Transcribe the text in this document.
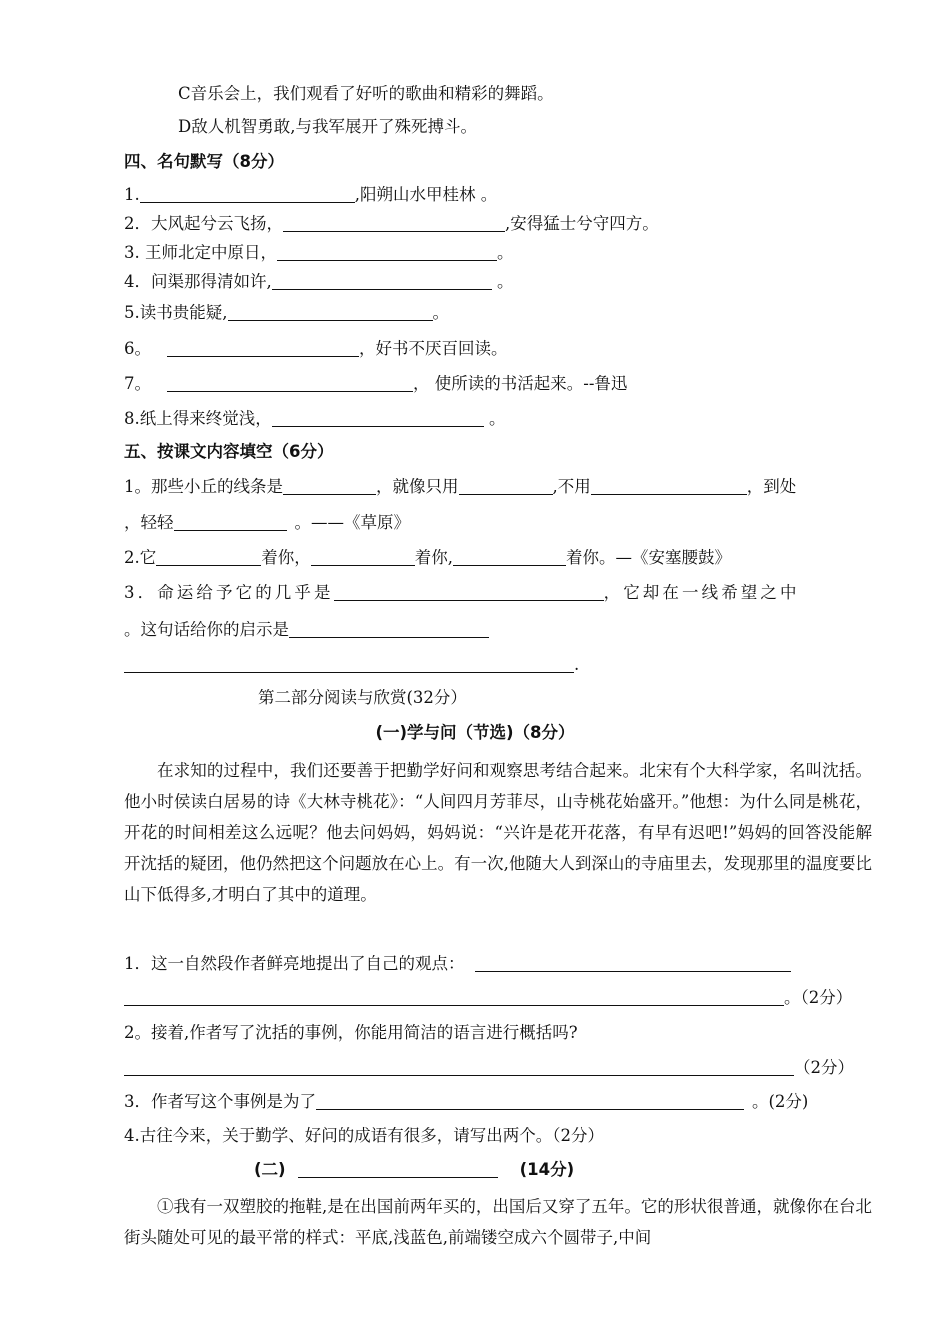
C音乐会上，我们观看了好听的歌曲和精彩的舞蹈。
D敌人机智勇敢,与我军展开了殊死搏斗。
四、名句默写（8分）
1.	,阳朔山水甲桂林 。
2．大风起兮云飞扬，	,安得猛士兮守四方。
3. 王师北定中原日，	。
4．问渠那得清如许,	。
5.读书贵能疑,	。
6。	，好书不厌百回读。
7。	， 使所读的书活起来。--鲁迅
8.纸上得来终觉浅，	。
五、按课文内容填空（6分）
1。那些小丘的线条是	，就像只用	,不用	，到处
，轻轻	。——《草原》
2.它	着你，	着你,	着你。—《安塞腰鼓》
3．命运给予它的几乎是	，它却在一线希望之中
。这句话给你的启示是
.
第二部分阅读与欣赏(32分）
(一)学与问（节选)（8分）
在求知的过程中，我们还要善于把勤学好问和观察思考结合起来。北宋有个大科学家，名叫沈括。他小时侯读白居易的诗《大林寺桃花》：“人间四月芳菲尽，山寺桃花始盛开。”他想：为什么同是桃花，开花的时间相差这么远呢？他去问妈妈，妈妈说：“兴许是花开花落，有早有迟吧!”妈妈的回答没能解开沈括的疑团，他仍然把这个问题放在心上。有一次,他随大人到深山的寺庙里去，发现那里的温度要比山下低得多,才明白了其中的道理。
1．这一自然段作者鲜亮地提出了自己的观点：
。（2分）
2。接着,作者写了沈括的事例，你能用简洁的语言进行概括吗?
（2分）
3．作者写这个事例是为了	。(2分)
4.古往今来，关于勤学、好问的成语有很多，请写出两个。（2分）
(二)	(14分)
①我有一双塑胶的拖鞋,是在出国前两年买的，出国后又穿了五年。它的形状很普通，就像你在台北街头随处可见的最平常的样式：平底,浅蓝色,前端镂空成六个圆带子,中间
